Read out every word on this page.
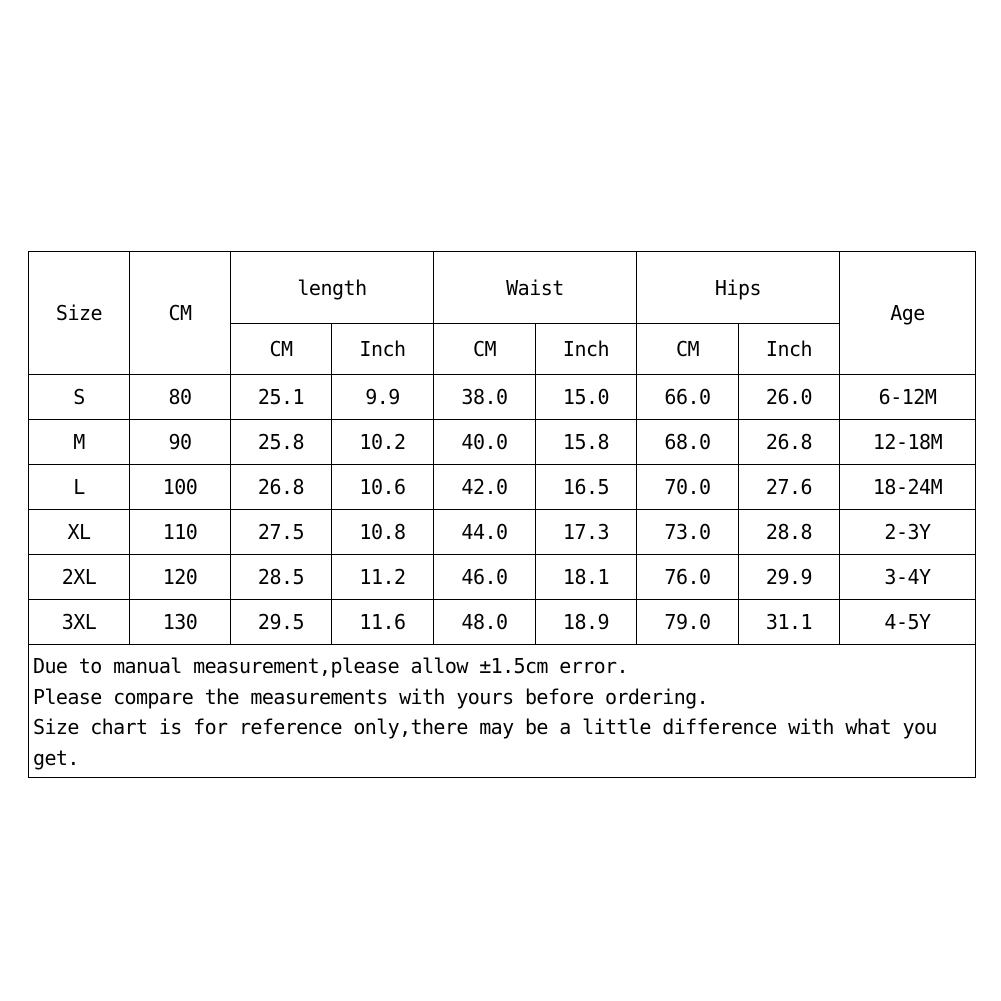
Size	CM	length		Waist		Hips		Age
		CM	Inch	CM	Inch	CM	Inch	
S	80	25.1	9.9	38.0	15.0	66.0	26.0	6-12M
M	90	25.8	10.2	40.0	15.8	68.0	26.8	12-18M
L	100	26.8	10.6	42.0	16.5	70.0	27.6	18-24M
XL	110	27.5	10.8	44.0	17.3	73.0	28.8	2-3Y
2XL	120	28.5	11.2	46.0	18.1	76.0	29.9	3-4Y
3XL	130	29.5	11.6	48.0	18.9	79.0	31.1	4-5Y

Due to manual measurement,please allow ±1.5cm error.
Please compare the measurements with yours before ordering.
Size chart is for reference only,there may be a little difference with what you get.								
